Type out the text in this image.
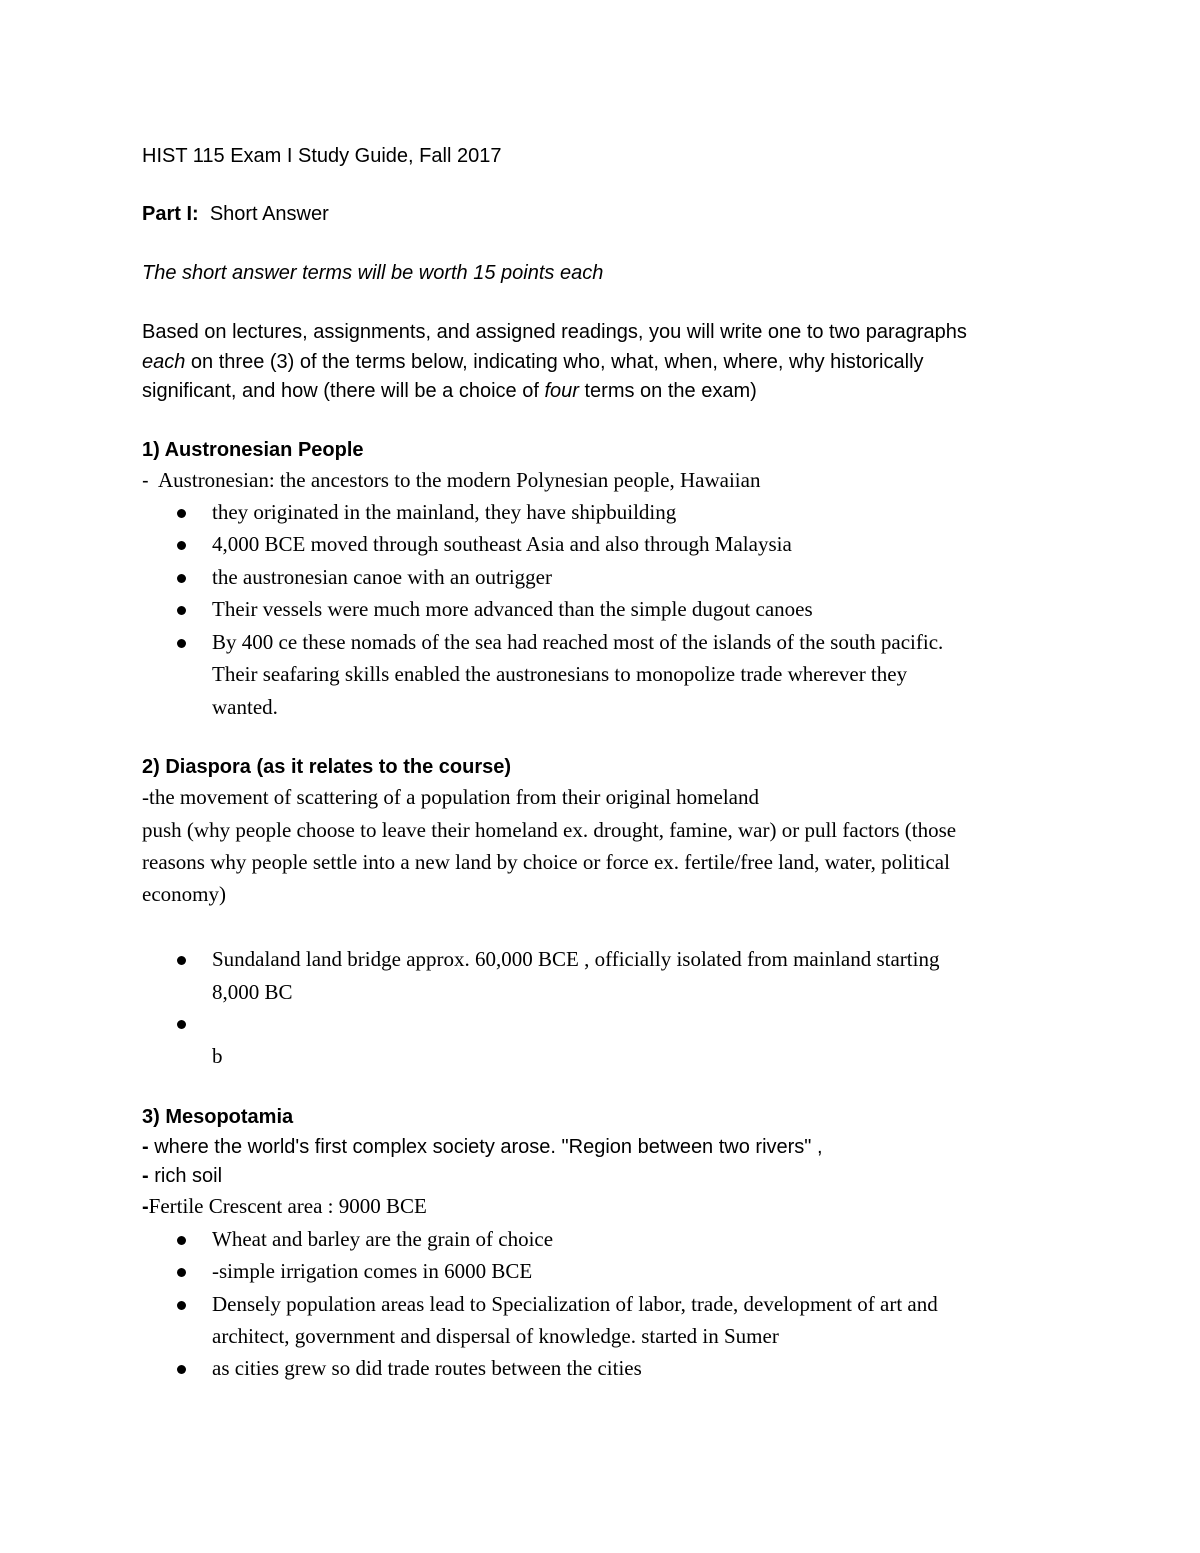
HIST 115 Exam I Study Guide, Fall 2017
Part I: Short Answer
The short answer terms will be worth 15 points each
Based on lectures, assignments, and assigned readings, you will write one to two paragraphs
each on three (3) of the terms below, indicating who, what, when, where, why historically
significant, and how (there will be a choice of four terms on the exam)
1) Austronesian People
- Austronesian: the ancestors to the modern Polynesian people, Hawaiian
they originated in the mainland, they have shipbuilding
4,000 BCE moved through southeast Asia and also through Malaysia
the austronesian canoe with an outrigger
Their vessels were much more advanced than the simple dugout canoes
By 400 ce these nomads of the sea had reached most of the islands of the south pacific.
Their seafaring skills enabled the austronesians to monopolize trade wherever they
wanted.
2) Diaspora (as it relates to the course)
-the movement of scattering of a population from their original homeland
push (why people choose to leave their homeland ex. drought, famine, war) or pull factors (those
reasons why people settle into a new land by choice or force ex. fertile/free land, water, political
economy)
Sundaland land bridge approx. 60,000 BCE , officially isolated from mainland starting
8,000 BC
b
3) Mesopotamia
- where the world's first complex society arose. "Region between two rivers" ,
- rich soil
-Fertile Crescent area : 9000 BCE
Wheat and barley are the grain of choice
-simple irrigation comes in 6000 BCE
Densely population areas lead to Specialization of labor, trade, development of art and
architect, government and dispersal of knowledge. started in Sumer
as cities grew so did trade routes between the cities
